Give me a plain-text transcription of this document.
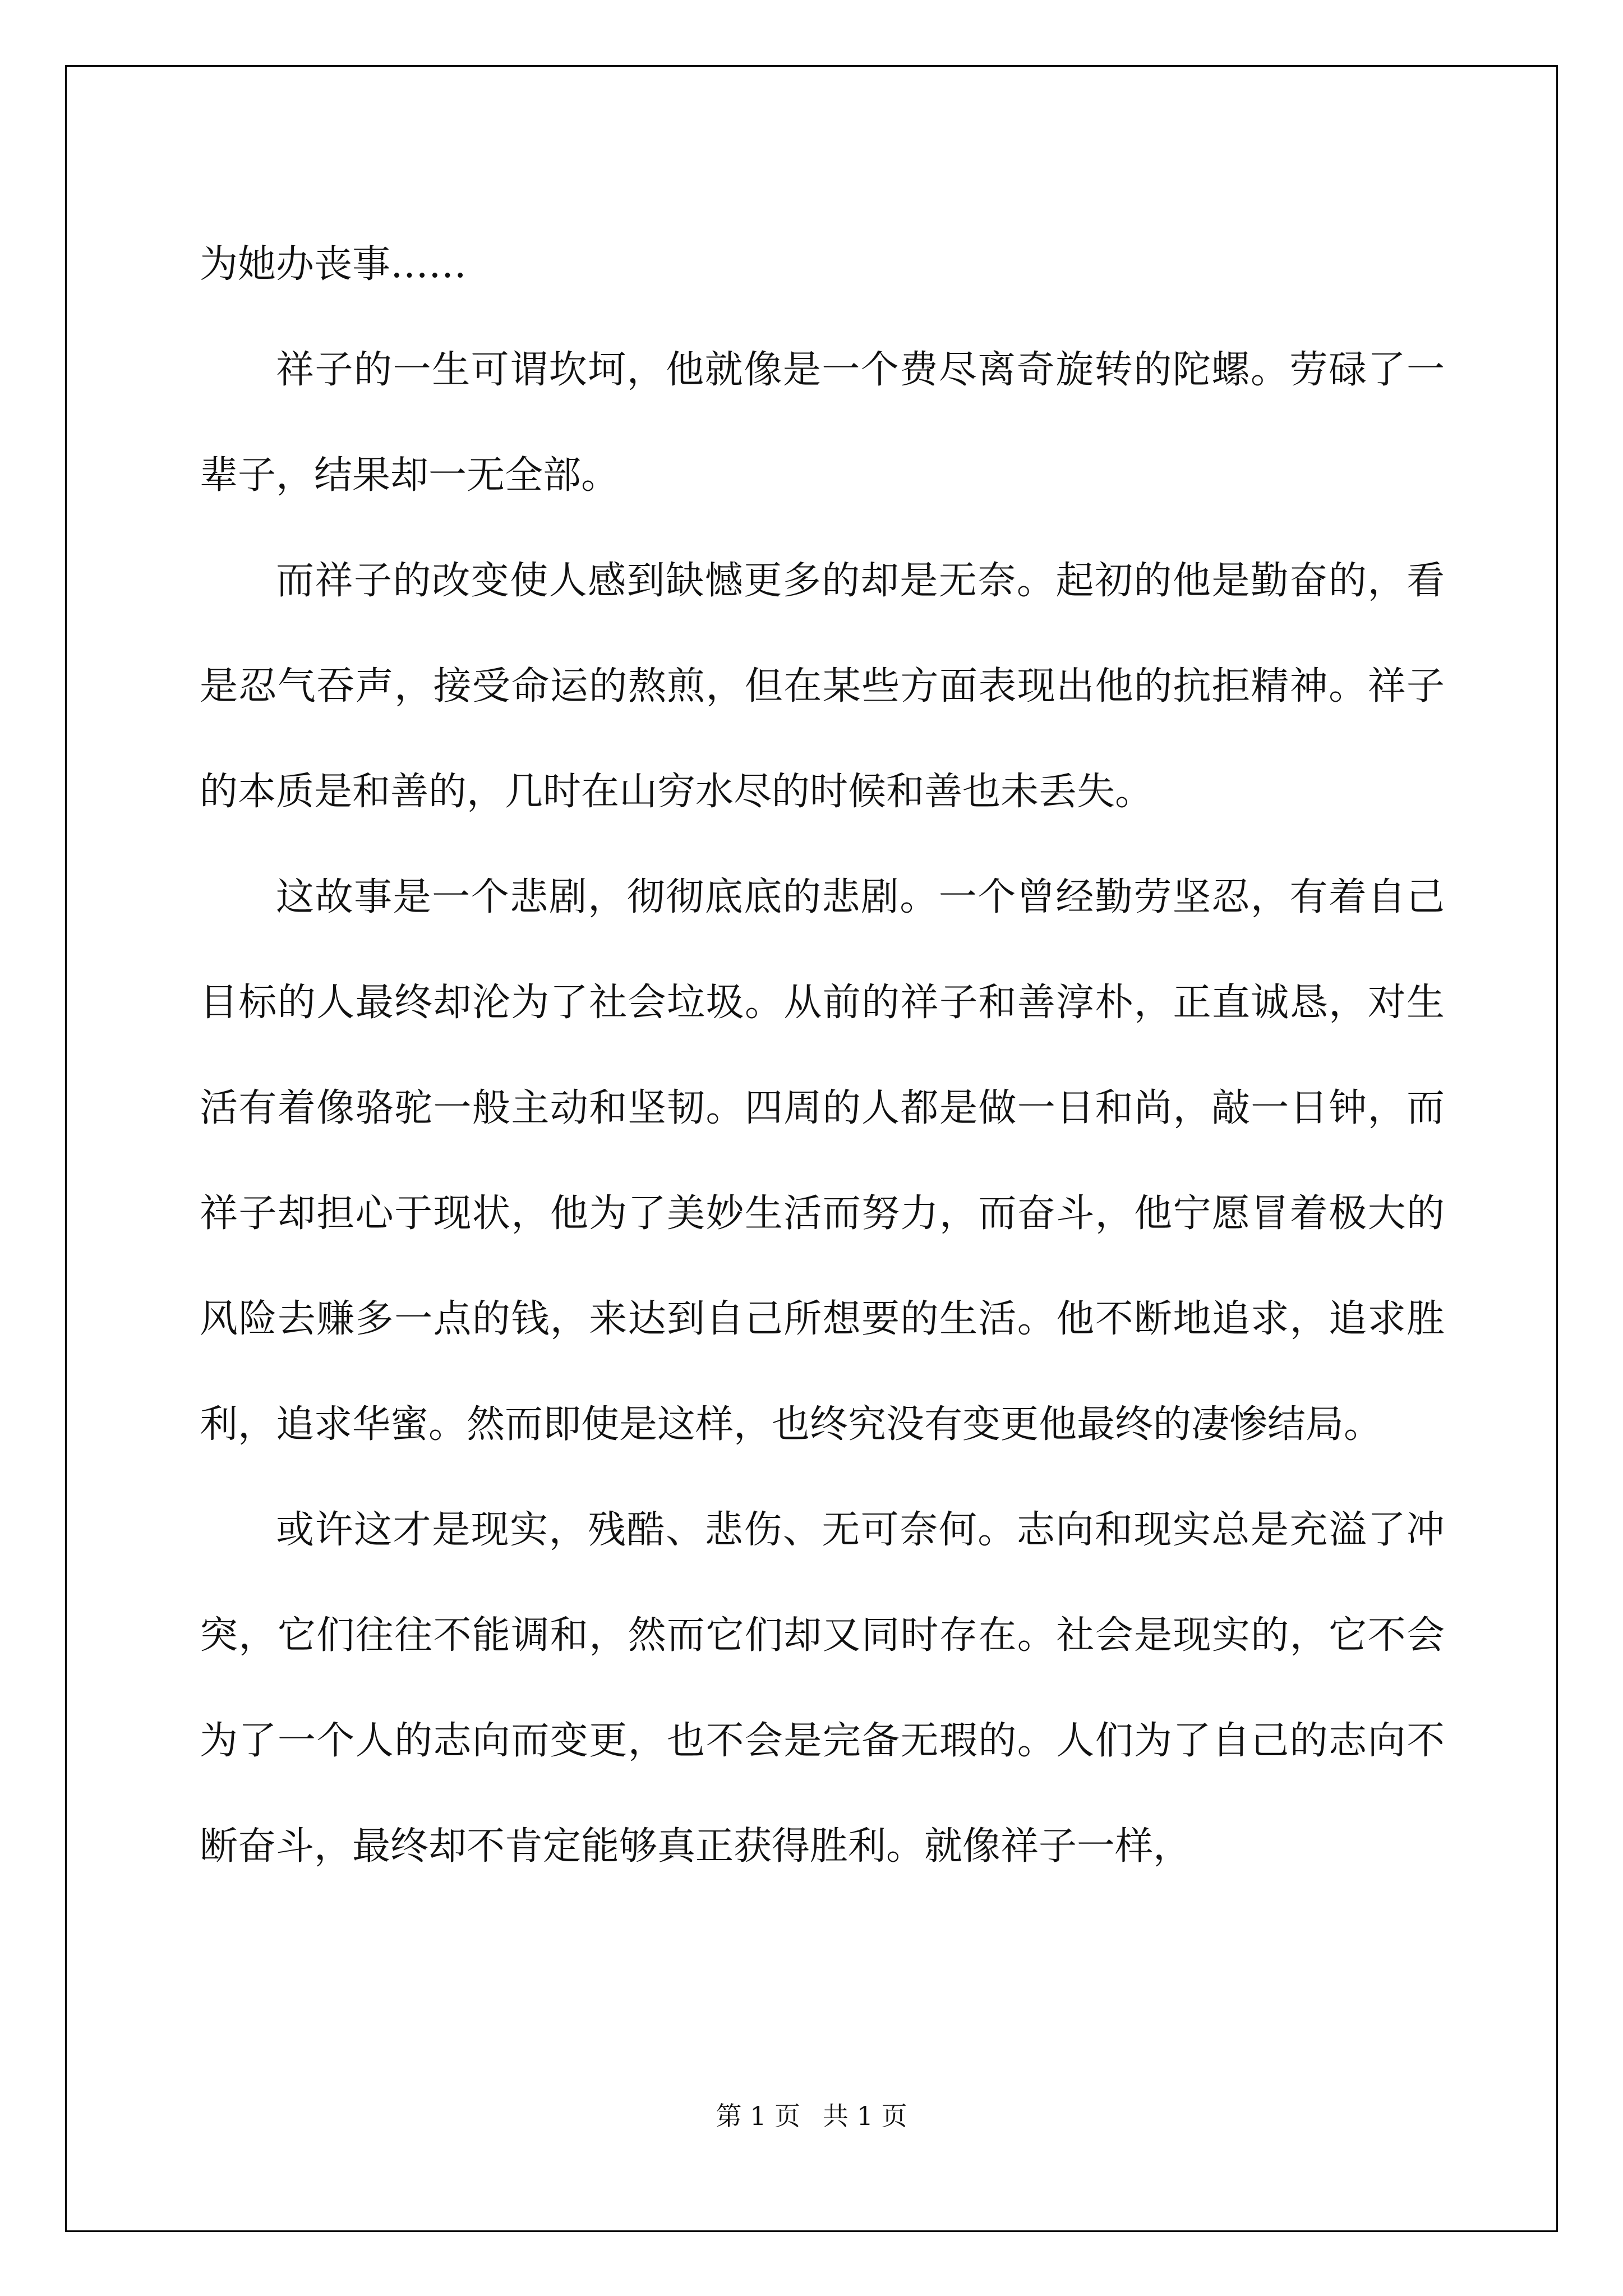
为她办丧事……

祥子的一生可谓坎坷，他就像是一个费尽离奇旋转的陀螺。劳碌了一辈子，结果却一无全部。

而祥子的改变使人感到缺憾更多的却是无奈。起初的他是勤奋的，看是忍气吞声，接受命运的熬煎，但在某些方面表现出他的抗拒精神。祥子的本质是和善的，几时在山穷水尽的时候和善也未丢失。

这故事是一个悲剧，彻彻底底的悲剧。一个曾经勤劳坚忍，有着自己目标的人最终却沦为了社会垃圾。从前的祥子和善淳朴，正直诚恳，对生活有着像骆驼一般主动和坚韧。四周的人都是做一日和尚，敲一日钟，而祥子却担心于现状，他为了美妙生活而努力，而奋斗，他宁愿冒着极大的风险去赚多一点的钱，来达到自己所想要的生活。他不断地追求，追求胜利，追求华蜜。然而即使是这样，也终究没有变更他最终的凄惨结局。

或许这才是现实，残酷、悲伤、无可奈何。志向和现实总是充溢了冲突，它们往往不能调和，然而它们却又同时存在。社会是现实的，它不会为了一个人的志向而变更，也不会是完备无瑕的。人们为了自己的志向不断奋斗，最终却不肯定能够真正获得胜利。就像祥子一样，

第 1 页 共 1 页
